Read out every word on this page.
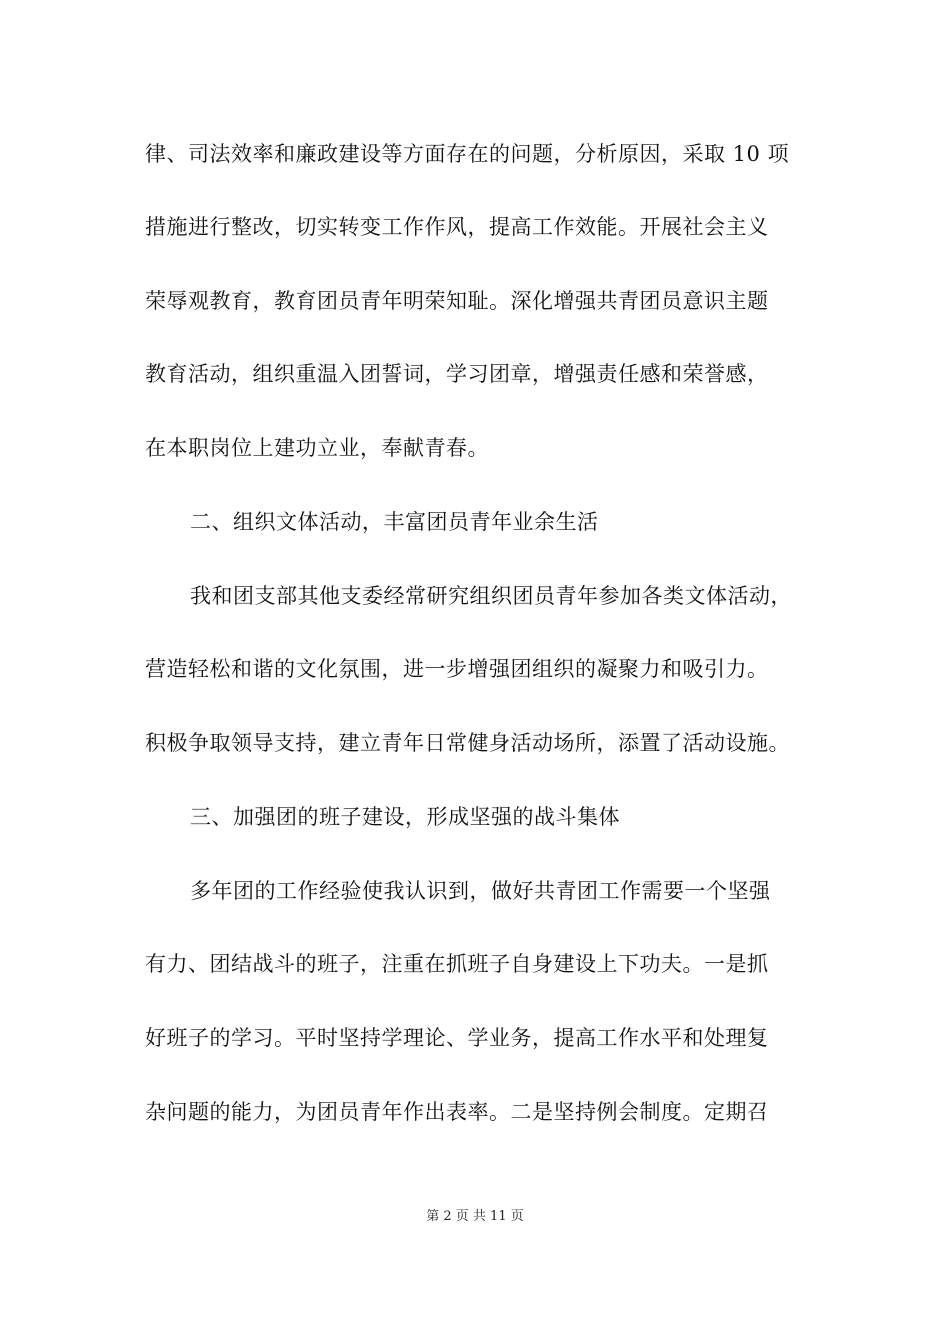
律、司法效率和廉政建设等方面存在的问题，分析原因，采取 10 项
措施进行整改，切实转变工作作风，提高工作效能。开展社会主义
荣辱观教育，教育团员青年明荣知耻。深化增强共青团员意识主题
教育活动，组织重温入团誓词，学习团章，增强责任感和荣誉感，
在本职岗位上建功立业，奉献青春。
二、组织文体活动，丰富团员青年业余生活
我和团支部其他支委经常研究组织团员青年参加各类文体活动，
营造轻松和谐的文化氛围，进一步增强团组织的凝聚力和吸引力。
积极争取领导支持，建立青年日常健身活动场所，添置了活动设施。
三、加强团的班子建设，形成坚强的战斗集体
多年团的工作经验使我认识到，做好共青团工作需要一个坚强
有力、团结战斗的班子，注重在抓班子自身建设上下功夫。一是抓
好班子的学习。平时坚持学理论、学业务，提高工作水平和处理复
杂问题的能力，为团员青年作出表率。二是坚持例会制度。定期召
第 2 页 共 11 页
